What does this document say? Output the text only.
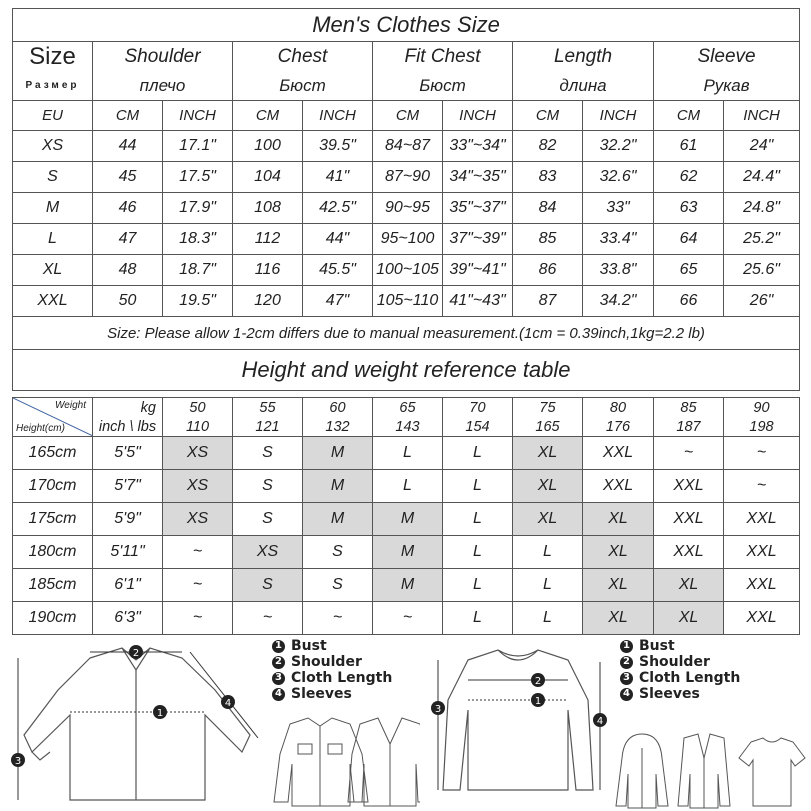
Men's Clothes Size										
Size	Shoulder		Chest		Fit Chest		Length		Sleeve	
Размер	плечо		Бюст		Бюст		длина		Рукав	
EU	CM	INCH	CM	INCH	CM	INCH	CM	INCH	CM	INCH
XS	44	17.1"	100	39.5"	84~87	33"~34"	82	32.2"	61	24"
S	45	17.5"	104	41"	87~90	34"~35"	83	32.6"	62	24.4"
M	46	17.9"	108	42.5"	90~95	35"~37"	84	33"	63	24.8"
L	47	18.3"	112	44"	95~100	37"~39"	85	33.4"	64	25.2"
XL	48	18.7"	116	45.5"	100~105	39"~41"	86	33.8"	65	25.6"
XXL	50	19.5"	120	47"	105~110	41"~43"	87	34.2"	66	26"
Size: Please allow 1-2cm differs due to manual measurement.(1cm = 0.39inch,1kg=2.2 lb)										
Height and weight reference table										
Weight
Height(cm)	kg	50	55	60	65	70	75	80	85	90
	inch \ lbs	110	121	132	143	154	165	176	187	198
165cm	5'5"	XS	S	M	L	L	XL	XXL	~	~
170cm	5'7"	XS	S	M	L	L	XL	XXL	XXL	~
175cm	5'9"	XS	S	M	M	L	XL	XL	XXL	XXL
180cm	5'11"	~	XS	S	M	L	L	XL	XXL	XXL
185cm	6'1"	~	S	S	M	L	L	XL	XL	XXL
190cm	6'3"	~	~	~	~	L	L	XL	XL	XXL
2
1
3
4
1 Bust
2 Shoulder
3 Cloth Length
4 Sleeves
2
1
3
4
1 Bust
2 Shoulder
3 Cloth Length
4 Sleeves
